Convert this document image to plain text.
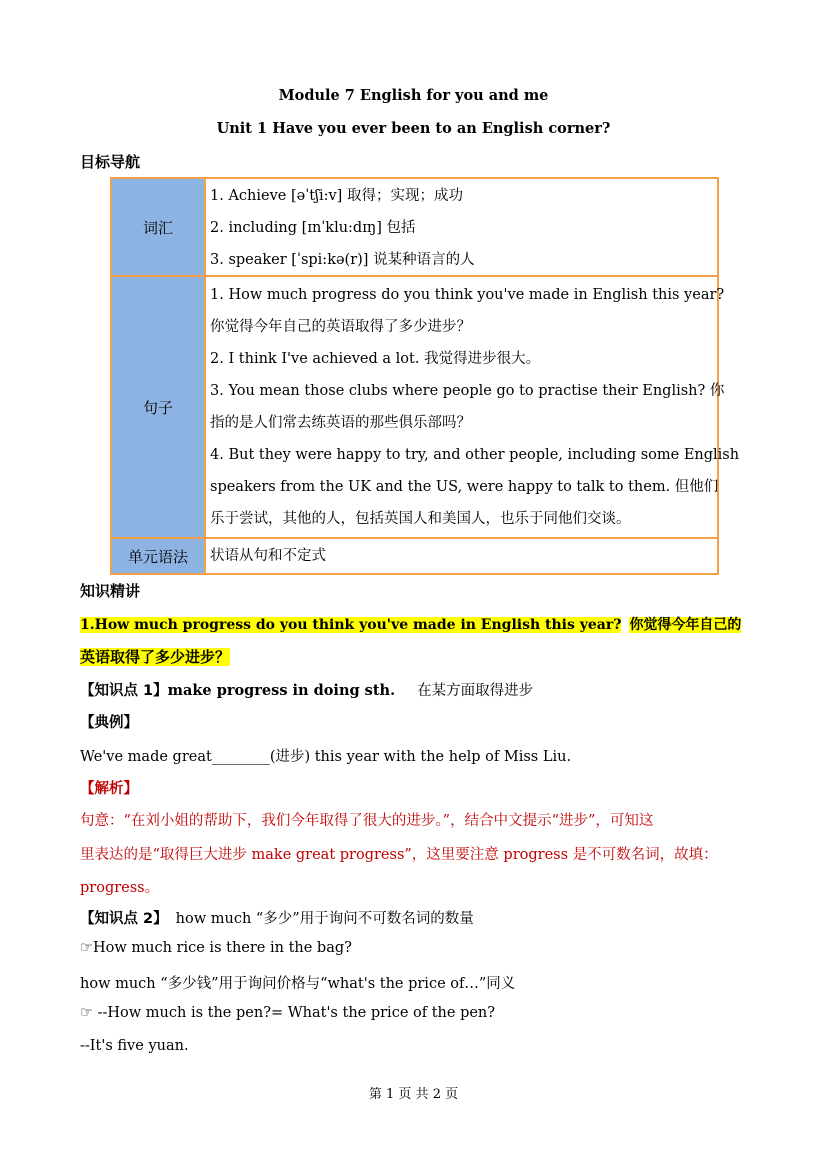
Module 7 English for you and me
Unit 1 Have you ever been to an English corner?
目标导航
词汇
1. Achieve [əˈtʃi:v] 取得；实现；成功
2. including [ɪnˈklu:dɪŋ] 包括
3. speaker [ˈspi:kə(r)] 说某种语言的人
句子
1. How much progress do you think you've made in English this year?
你觉得今年自己的英语取得了多少进步？
2. I think I've achieved a lot. 我觉得进步很大。
3. You mean those clubs where people go to practise their English? 你
指的是人们常去练英语的那些俱乐部吗？
4. But they were happy to try, and other people, including some English
speakers from the UK and the US, were happy to talk to them. 但他们
乐于尝试，其他的人，包括英国人和美国人，也乐于同他们交谈。
单元语法	状语从句和不定式
知识精讲
1.How much progress do you think you've made in English this year? 你觉得今年自己的
英语取得了多少进步？
【知识点 1】make progress in doing sth. 在某方面取得进步
【典例】
We've made great________(进步) this year with the help of Miss Liu.
【解析】
句意：“在刘小姐的帮助下，我们今年取得了很大的进步。”，结合中文提示“进步”，可知这
里表达的是“取得巨大进步 make great progress”，这里要注意 progress 是不可数名词，故填：
progress。
【知识点 2】 how much “多少”用于询问不可数名词的数量
☞How much rice is there in the bag?
how much “多少钱”用于询问价格与“what's the price of…”同义
☞ --How much is the pen?= What's the price of the pen?
--It's five yuan.
第 1 页 共 2 页
